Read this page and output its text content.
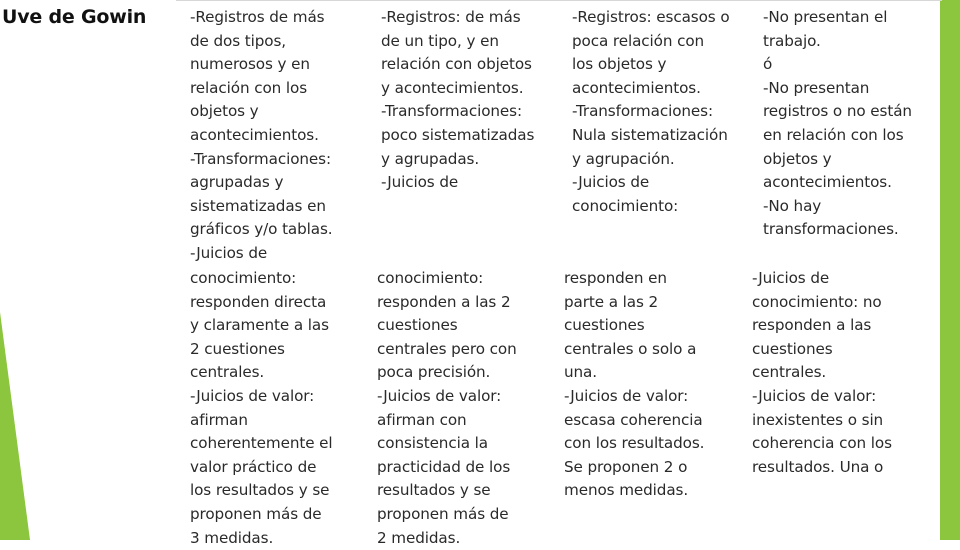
Uve de Gowin	-Registros de más
de dos tipos,
numerosos y en
relación con los
objetos y
acontecimientos.
-Transformaciones:
agrupadas y
sistematizadas en
gráficos y/o tablas.
-Juicios de
-Registros: de más
de un tipo, y en
relación con objetos
y acontecimientos.
-Transformaciones:
poco sistematizadas
y agrupadas.
-Juicios de
-Registros: escasos o
poca relación con
los objetos y
acontecimientos.
-Transformaciones:
Nula sistematización
y agrupación.
-Juicios de
conocimiento:
-No presentan el
trabajo.
ó
-No presentan
registros o no están
en relación con los
objetos y
acontecimientos.
-No hay
transformaciones.
conocimiento:
responden directa
y claramente a las
2 cuestiones
centrales.
-Juicios de valor:
afirman
coherentemente el
valor práctico de
los resultados y se
proponen más de
3 medidas.
conocimiento:
responden a las 2
cuestiones
centrales pero con
poca precisión.
-Juicios de valor:
afirman con
consistencia la
practicidad de los
resultados y se
proponen más de
2 medidas.
responden en
parte a las 2
cuestiones
centrales o solo a
una.
-Juicios de valor:
escasa coherencia
con los resultados.
Se proponen 2 o
menos medidas.
-Juicios de
conocimiento: no
responden a las
cuestiones
centrales.
-Juicios de valor:
inexistentes o sin
coherencia con los
resultados. Una o
